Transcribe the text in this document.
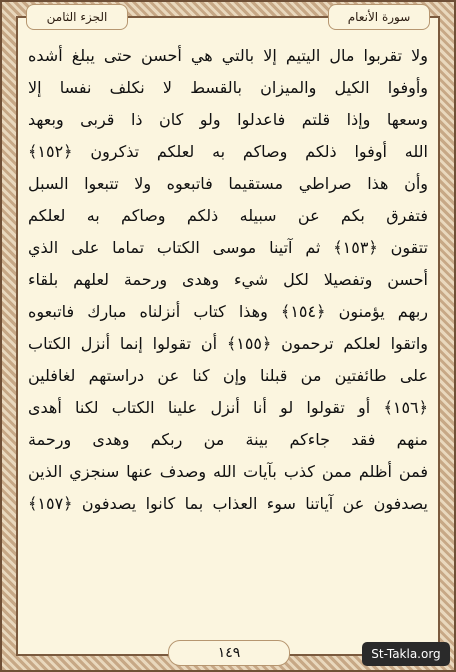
الجزء الثامن	سورة الأنعام
ولا تقربوا مال اليتيم إلا بالتي هي أحسن حتى يبلغ أشده
وأوفوا الكيل والميزان بالقسط لا نكلف نفسا إلا
وسعها وإذا قلتم فاعدلوا ولو كان ذا قربى وبعهد
الله أوفوا ذلكم وصاكم به لعلكم تذكرون ﴿١٥٢﴾
وأن هذا صراطي مستقيما فاتبعوه ولا تتبعوا السبل
فتفرق بكم عن سبيله ذلكم وصاكم به لعلكم
تتقون ﴿١٥٣﴾ ثم آتينا موسى الكتاب تماما على الذي
أحسن وتفصيلا لكل شيء وهدى ورحمة لعلهم بلقاء
ربهم يؤمنون ﴿١٥٤﴾ وهذا كتاب أنزلناه مبارك فاتبعوه
واتقوا لعلكم ترحمون ﴿١٥٥﴾ أن تقولوا إنما أنزل الكتاب
على طائفتين من قبلنا وإن كنا عن دراستهم لغافلين
﴿١٥٦﴾ أو تقولوا لو أنا أنزل علينا الكتاب لكنا أهدى
منهم فقد جاءكم بينة من ربكم وهدى ورحمة
فمن أظلم ممن كذب بآيات الله وصدف عنها سنجزي الذين
يصدفون عن آياتنا سوء العذاب بما كانوا يصدفون ﴿١٥٧﴾
١٤٩	St-Takla.org
